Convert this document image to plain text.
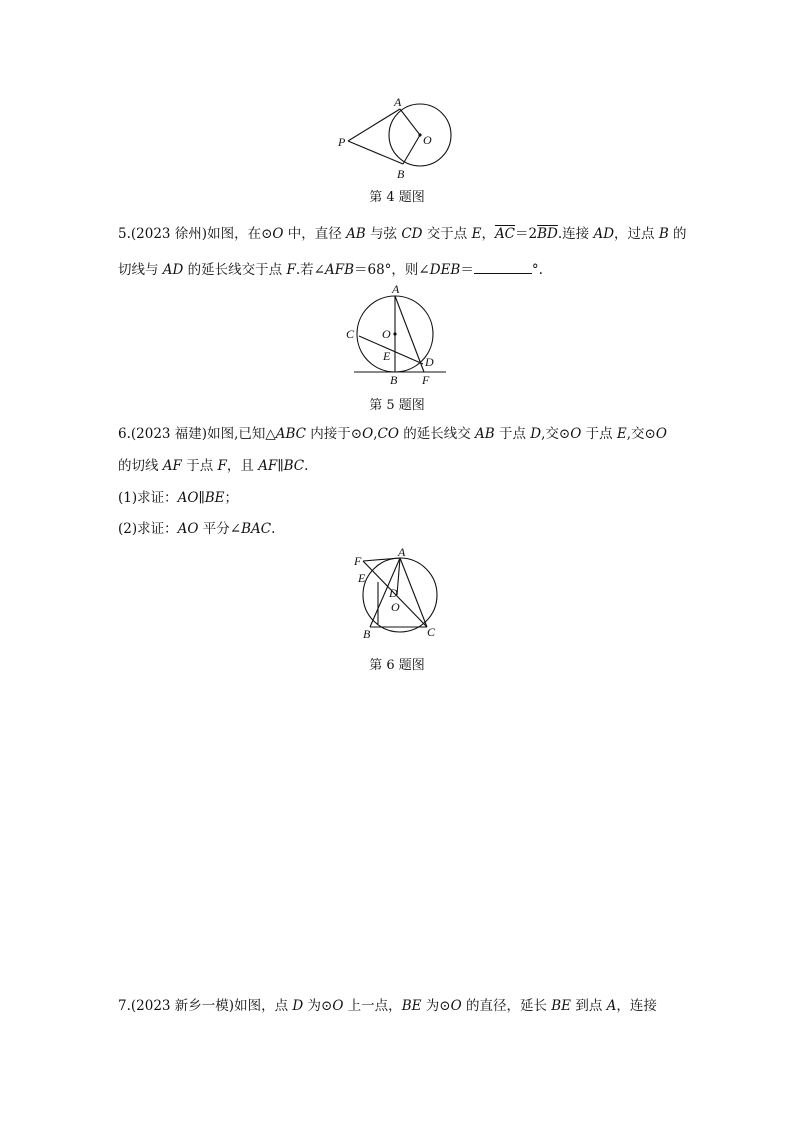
A
B
O
P
第 4 题图
5.(2023 徐州)如图，在⊙O 中，直径 AB 与弦 CD 交于点 E，$\overline{AC}=2\overline{BD}$.连接 AD，过点 B 的
切线与 AD 的延长线交于点 F.若∠AFB＝68°，则∠DEB＝	°.
A
C O
E	D
B F
第 5 题图
6.(2023 福建)如图,已知△ABC 内接于⊙O,CO 的延长线交 AB 于点 D,交⊙O 于点 E,交⊙O
的切线 AF 于点 F，且 AF∥BC.
(1)求证：AO∥BE；
(2)求证：AO 平分∠BAC.
F
A
E
D
O
B	C
第 6 题图
7.(2023 新乡一模)如图，点 D 为⊙O 上一点，BE 为⊙O 的直径，延长 BE 到点 A，连接
